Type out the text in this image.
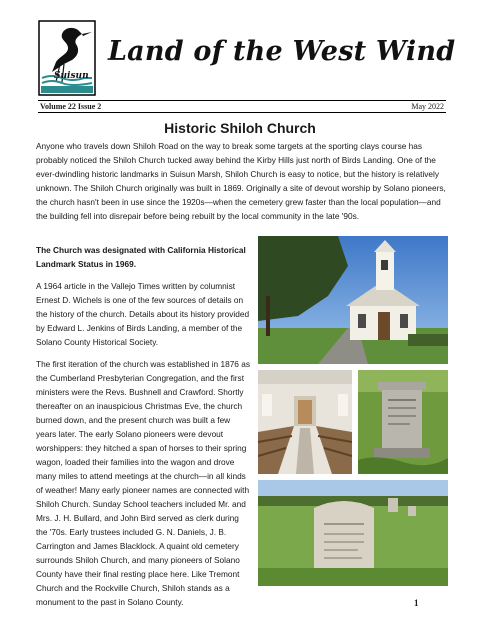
Suisun
Land of the West Wind
Volume 22 Issue 2	May 2022
Historic Shiloh Church

Anyone who travels down Shiloh Road on the way to break some targets at the sporting clays course has probably noticed the Shiloh Church tucked away behind the Kirby Hills just north of Birds Landing. One of the ever-dwindling historic landmarks in Suisun Marsh, Shiloh Church is easy to notice, but the history is relatively unknown. The Shiloh Church originally was built in 1869. Originally a site of devout worship by Solano pioneers, the church hasn't been in use since the 1920s—when the cemetery grew faster than the local population—and the building fell into disrepair before being rebuilt by the local community in the late '90s.

The Church was designated with California Historical Landmark Status in 1969.

A 1964 article in the Vallejo Times written by columnist Ernest D. Wichels is one of the few sources of details on the history of the church. Details about its history provided by Edward L. Jenkins of Birds Landing, a member of the Solano County Historical Society.

The first iteration of the church was established in 1876 as the Cumberland Presbyterian Congregation, and the first ministers were the Revs. Bushnell and Crawford. Shortly thereafter on an inauspicious Christmas Eve, the church burned down, and the present church was built a few years later. The early Solano pioneers were devout worshippers: they hitched a span of horses to their spring wagon, loaded their families into the wagon and drove many miles to attend meetings at the church—in all kinds of weather! Many early pioneer names are connected with Shiloh Church. Sunday School teachers included Mr. and Mrs. J. H. Bullard, and John Bird served as clerk during the '70s. Early trustees included G. N. Daniels, J. B. Carrington and James Blacklock. A quaint old cemetery surrounds Shiloh Church, and many pioneers of Solano County have their final resting place here. Like Tremont Church and the Rockville Church, Shiloh stands as a monument to the past in Solano County.	1
